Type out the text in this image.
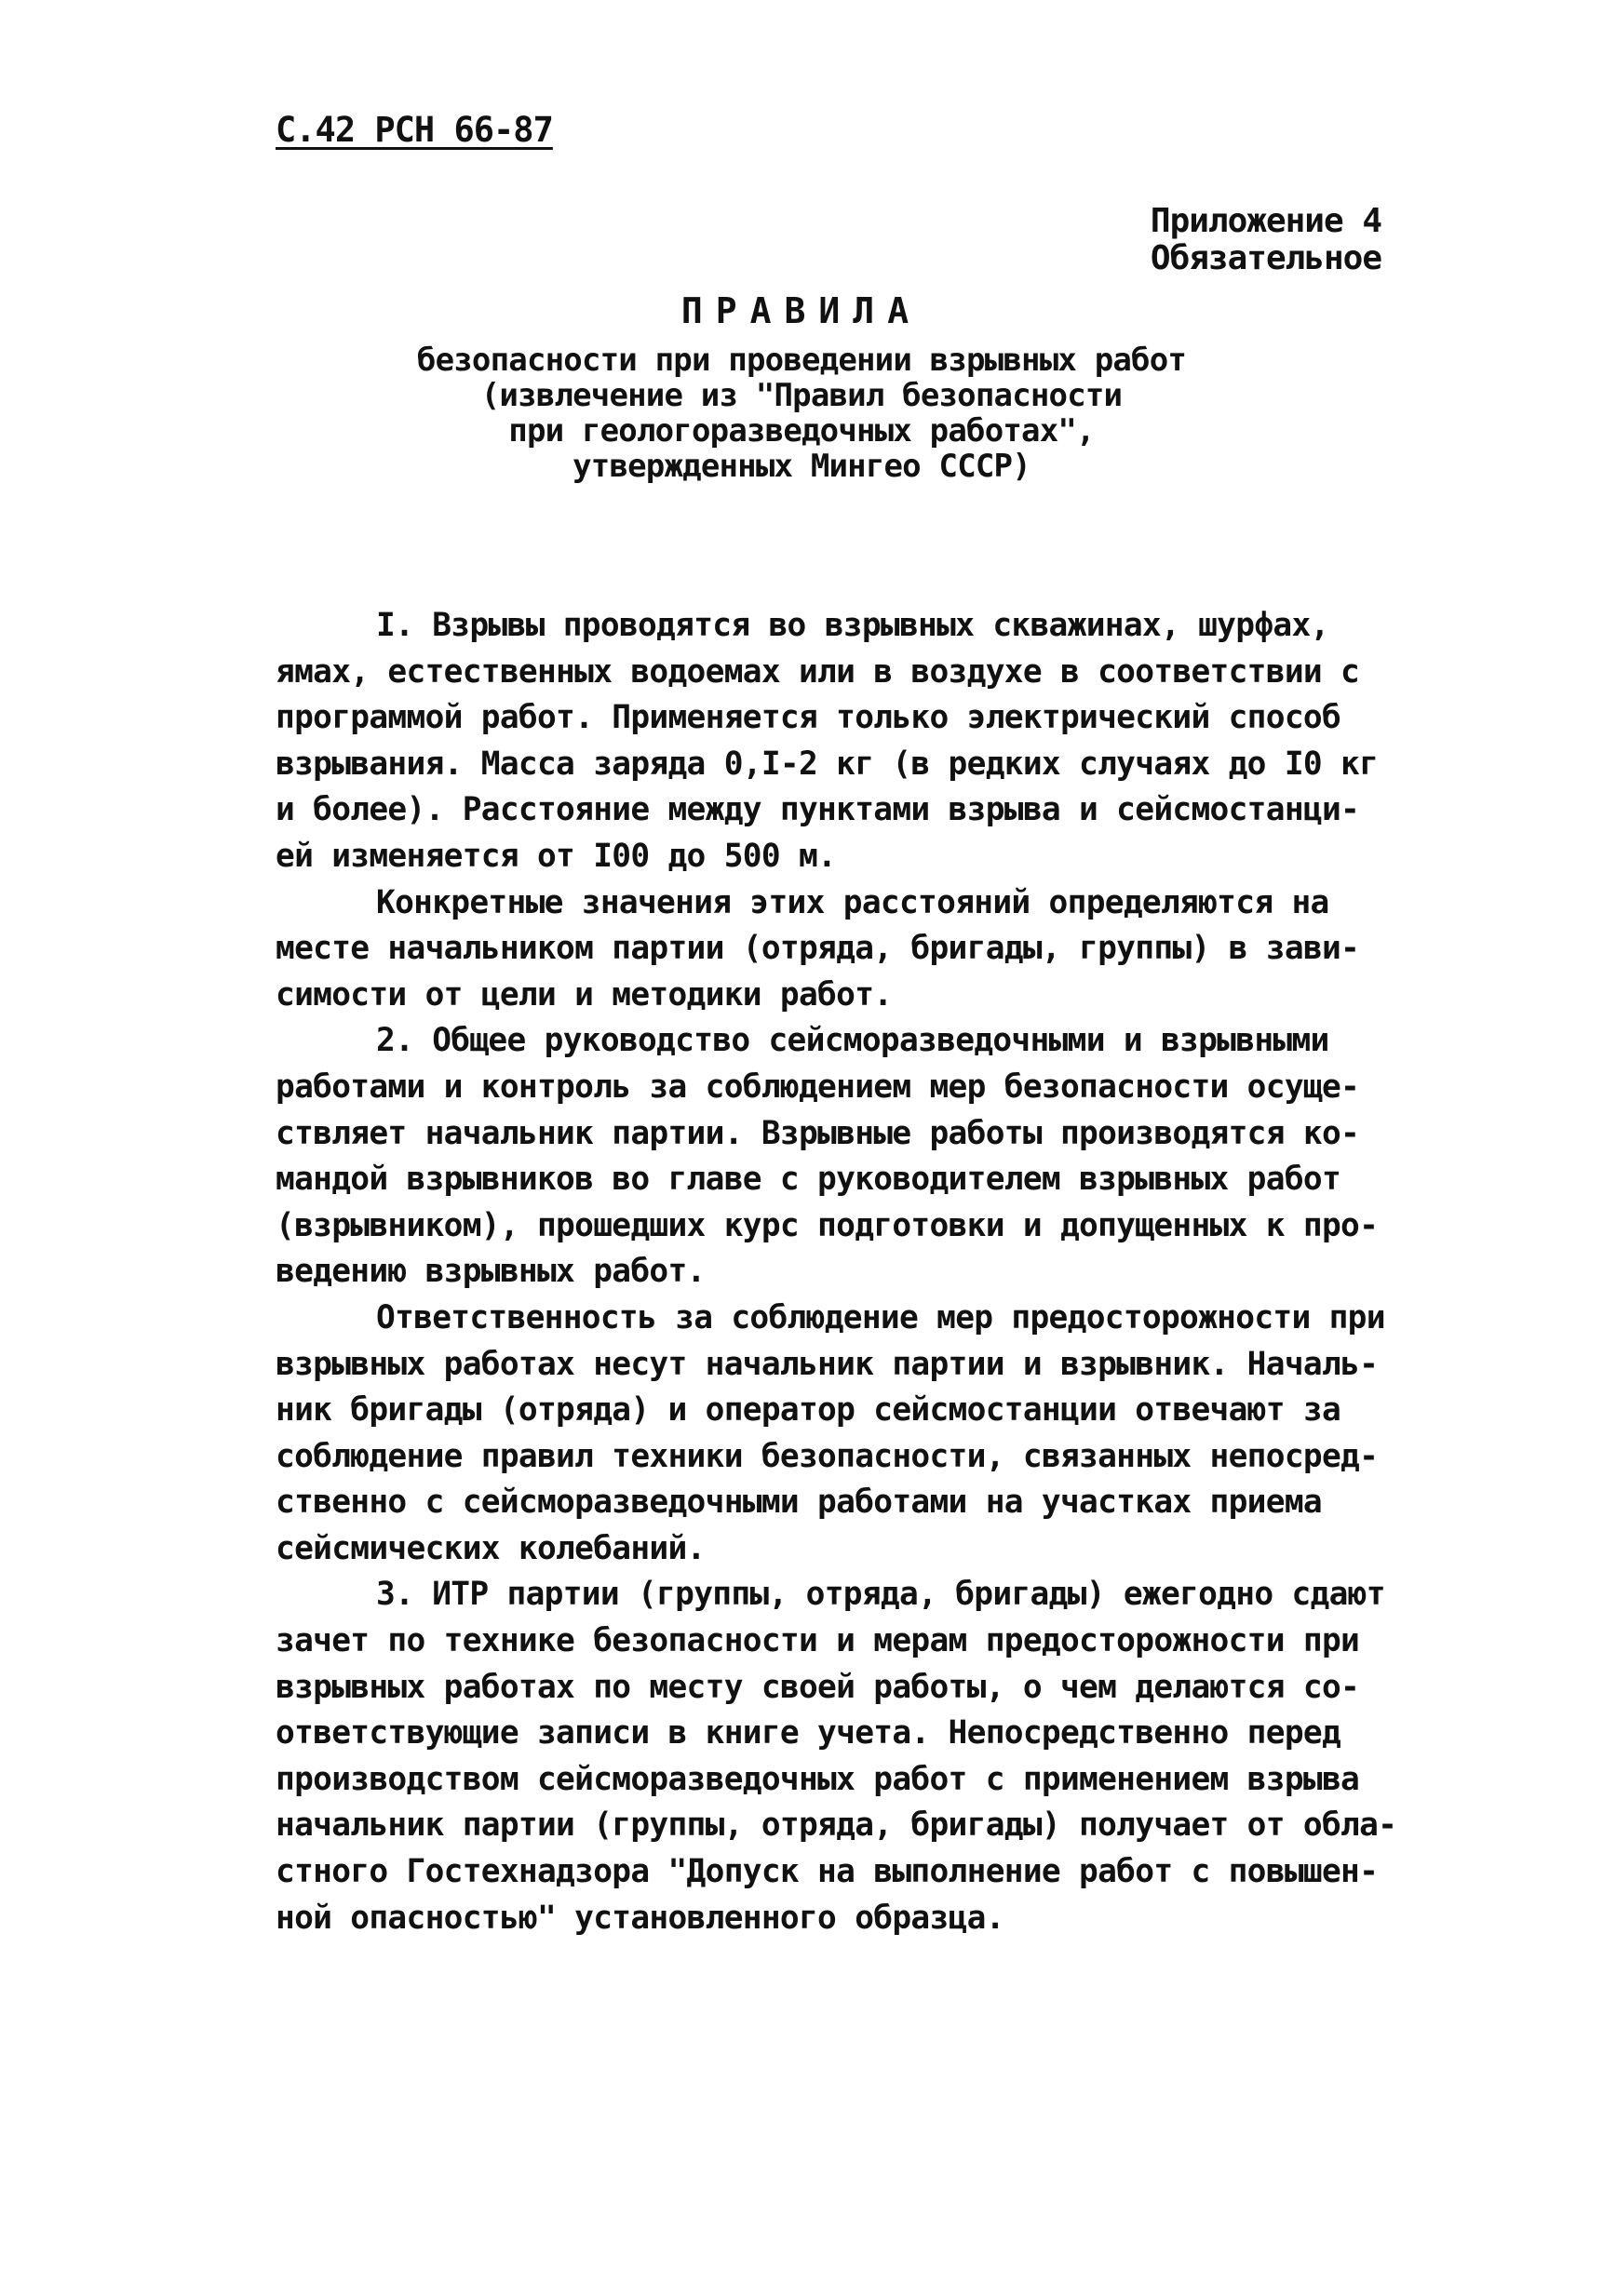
С.42 РСН 66-87
Приложение 4
Обязательное
ПРАВИЛА
безопасности при проведении взрывных работ
(извлечение из "Правил безопасности
при геологоразведочных работах",
утвержденных Мингео СССР)
I. Взрывы проводятся во взрывных скважинах, шурфах,
ямах, естественных водоемах или в воздухе в соответствии с
программой работ. Применяется только электрический способ
взрывания. Масса заряда 0,I-2 кг (в редких случаях до I0 кг
и более). Расстояние между пунктами взрыва и сейсмостанци-
ей изменяется от I00 до 500 м.
Конкретные значения этих расстояний определяются на
месте начальником партии (отряда, бригады, группы) в зави-
симости от цели и методики работ.
2. Общее руководство сейсморазведочными и взрывными
работами и контроль за соблюдением мер безопасности осуще-
ствляет начальник партии. Взрывные работы производятся ко-
мандой взрывников во главе с руководителем взрывных работ
(взрывником), прошедших курс подготовки и допущенных к про-
ведению взрывных работ.
Ответственность за соблюдение мер предосторожности при
взрывных работах несут начальник партии и взрывник. Началь-
ник бригады (отряда) и оператор сейсмостанции отвечают за
соблюдение правил техники безопасности, связанных непосред-
ственно с сейсморазведочными работами на участках приема
сейсмических колебаний.
3. ИТР партии (группы, отряда, бригады) ежегодно сдают
зачет по технике безопасности и мерам предосторожности при
взрывных работах по месту своей работы, о чем делаются со-
ответствующие записи в книге учета. Непосредственно перед
производством сейсморазведочных работ с применением взрыва
начальник партии (группы, отряда, бригады) получает от обла-
стного Гостехнадзора "Допуск на выполнение работ с повышен-
ной опасностью" установленного образца.
